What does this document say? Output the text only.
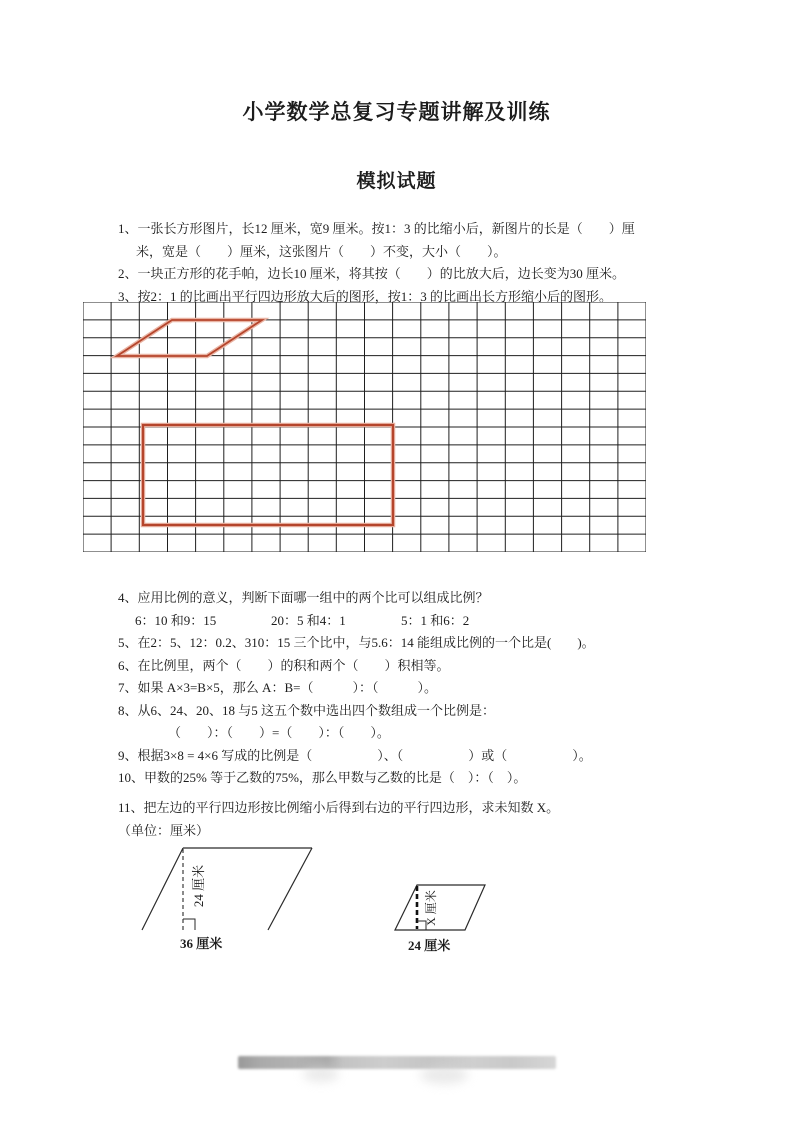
小学数学总复习专题讲解及训练
模拟试题
1、一张长方形图片，长12 厘米，宽9 厘米。按1：3 的比缩小后，新图片的长是（　　）厘
米，宽是（　　）厘米，这张图片（　　）不变，大小（　　）。
2、一块正方形的花手帕，边长10 厘米，将其按（　　）的比放大后，边长变为30 厘米。
3、按2：1 的比画出平行四边形放大后的图形，按1：3 的比画出长方形缩小后的图形。
4、应用比例的意义，判断下面哪一组中的两个比可以组成比例？
6：10 和9：15	20：5 和4：1	5：1 和6：2
5、在2：5、12：0.2、310：15 三个比中，与5.6：14 能组成比例的一个比是(　　)。
6、在比例里，两个（　　）的积和两个（　　）积相等。
7、如果 A×3=B×5，那么 A：B=（　　　）：（　　　）。
8、从6、24、20、18 与5 这五个数中选出四个数组成一个比例是：
（　　）：（　　）=（　　）：（　　）。
9、根据3×8 = 4×6 写成的比例是（　　　　　）、（　　　　　）或（　　　　　）。
10、甲数的25% 等于乙数的75%，那么甲数与乙数的比是（　）：（　）。
11、把左边的平行四边形按比例缩小后得到右边的平行四边形，求未知数 X。
（单位：厘米）
24 厘米
36 厘米
X 厘米
24 厘米
